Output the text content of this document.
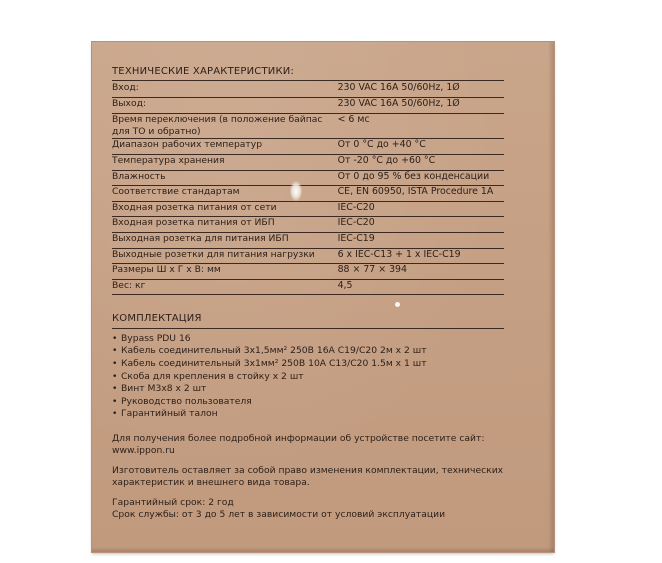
ТЕХНИЧЕСКИЕ ХАРАКТЕРИСТИКИ:
Вход:	230 VAC 16A 50/60Hz, 1Ø
Выход:	230 VAC 16A 50/60Hz, 1Ø
Время переключения (в положение байпас для ТО и обратно)	< 6 мс
Диапазон рабочих температур	От 0 °C до +40 °C
Температура хранения	От -20 °C до +60 °C
Влажность	От 0 до 95 % без конденсации
Соответствие стандартам	CE, EN 60950, ISTA Procedure 1A
Входная розетка питания от сети	IEC-C20
Входная розетка питания от ИБП	IEC-C20
Выходная розетка для питания ИБП	IEC-C19
Выходные розетки для питания нагрузки	6 x IEC-C13 + 1 x IEC-C19
Размеры Ш x Г x В: мм	88 × 77 × 394
Вес: кг	4,5
КОМПЛЕКТАЦИЯ
• Bypass PDU 16
• Кабель соединительный 3х1,5мм² 250В 16А С19/С20 2м х 2 шт
• Кабель соединительный 3х1мм² 250В 10А С13/С20 1.5м х 1 шт
• Скоба для крепления в стойку х 2 шт
• Винт М3х8 х 2 шт
• Руководство пользователя
• Гарантийный талон

Для получения более подробной информации об устройстве посетите сайт: www.ippon.ru

Изготовитель оставляет за собой право изменения комплектации, технических характеристик и внешнего вида товара.

Гарантийный срок: 2 год

Срок службы: от 3 до 5 лет в зависимости от условий эксплуатации
